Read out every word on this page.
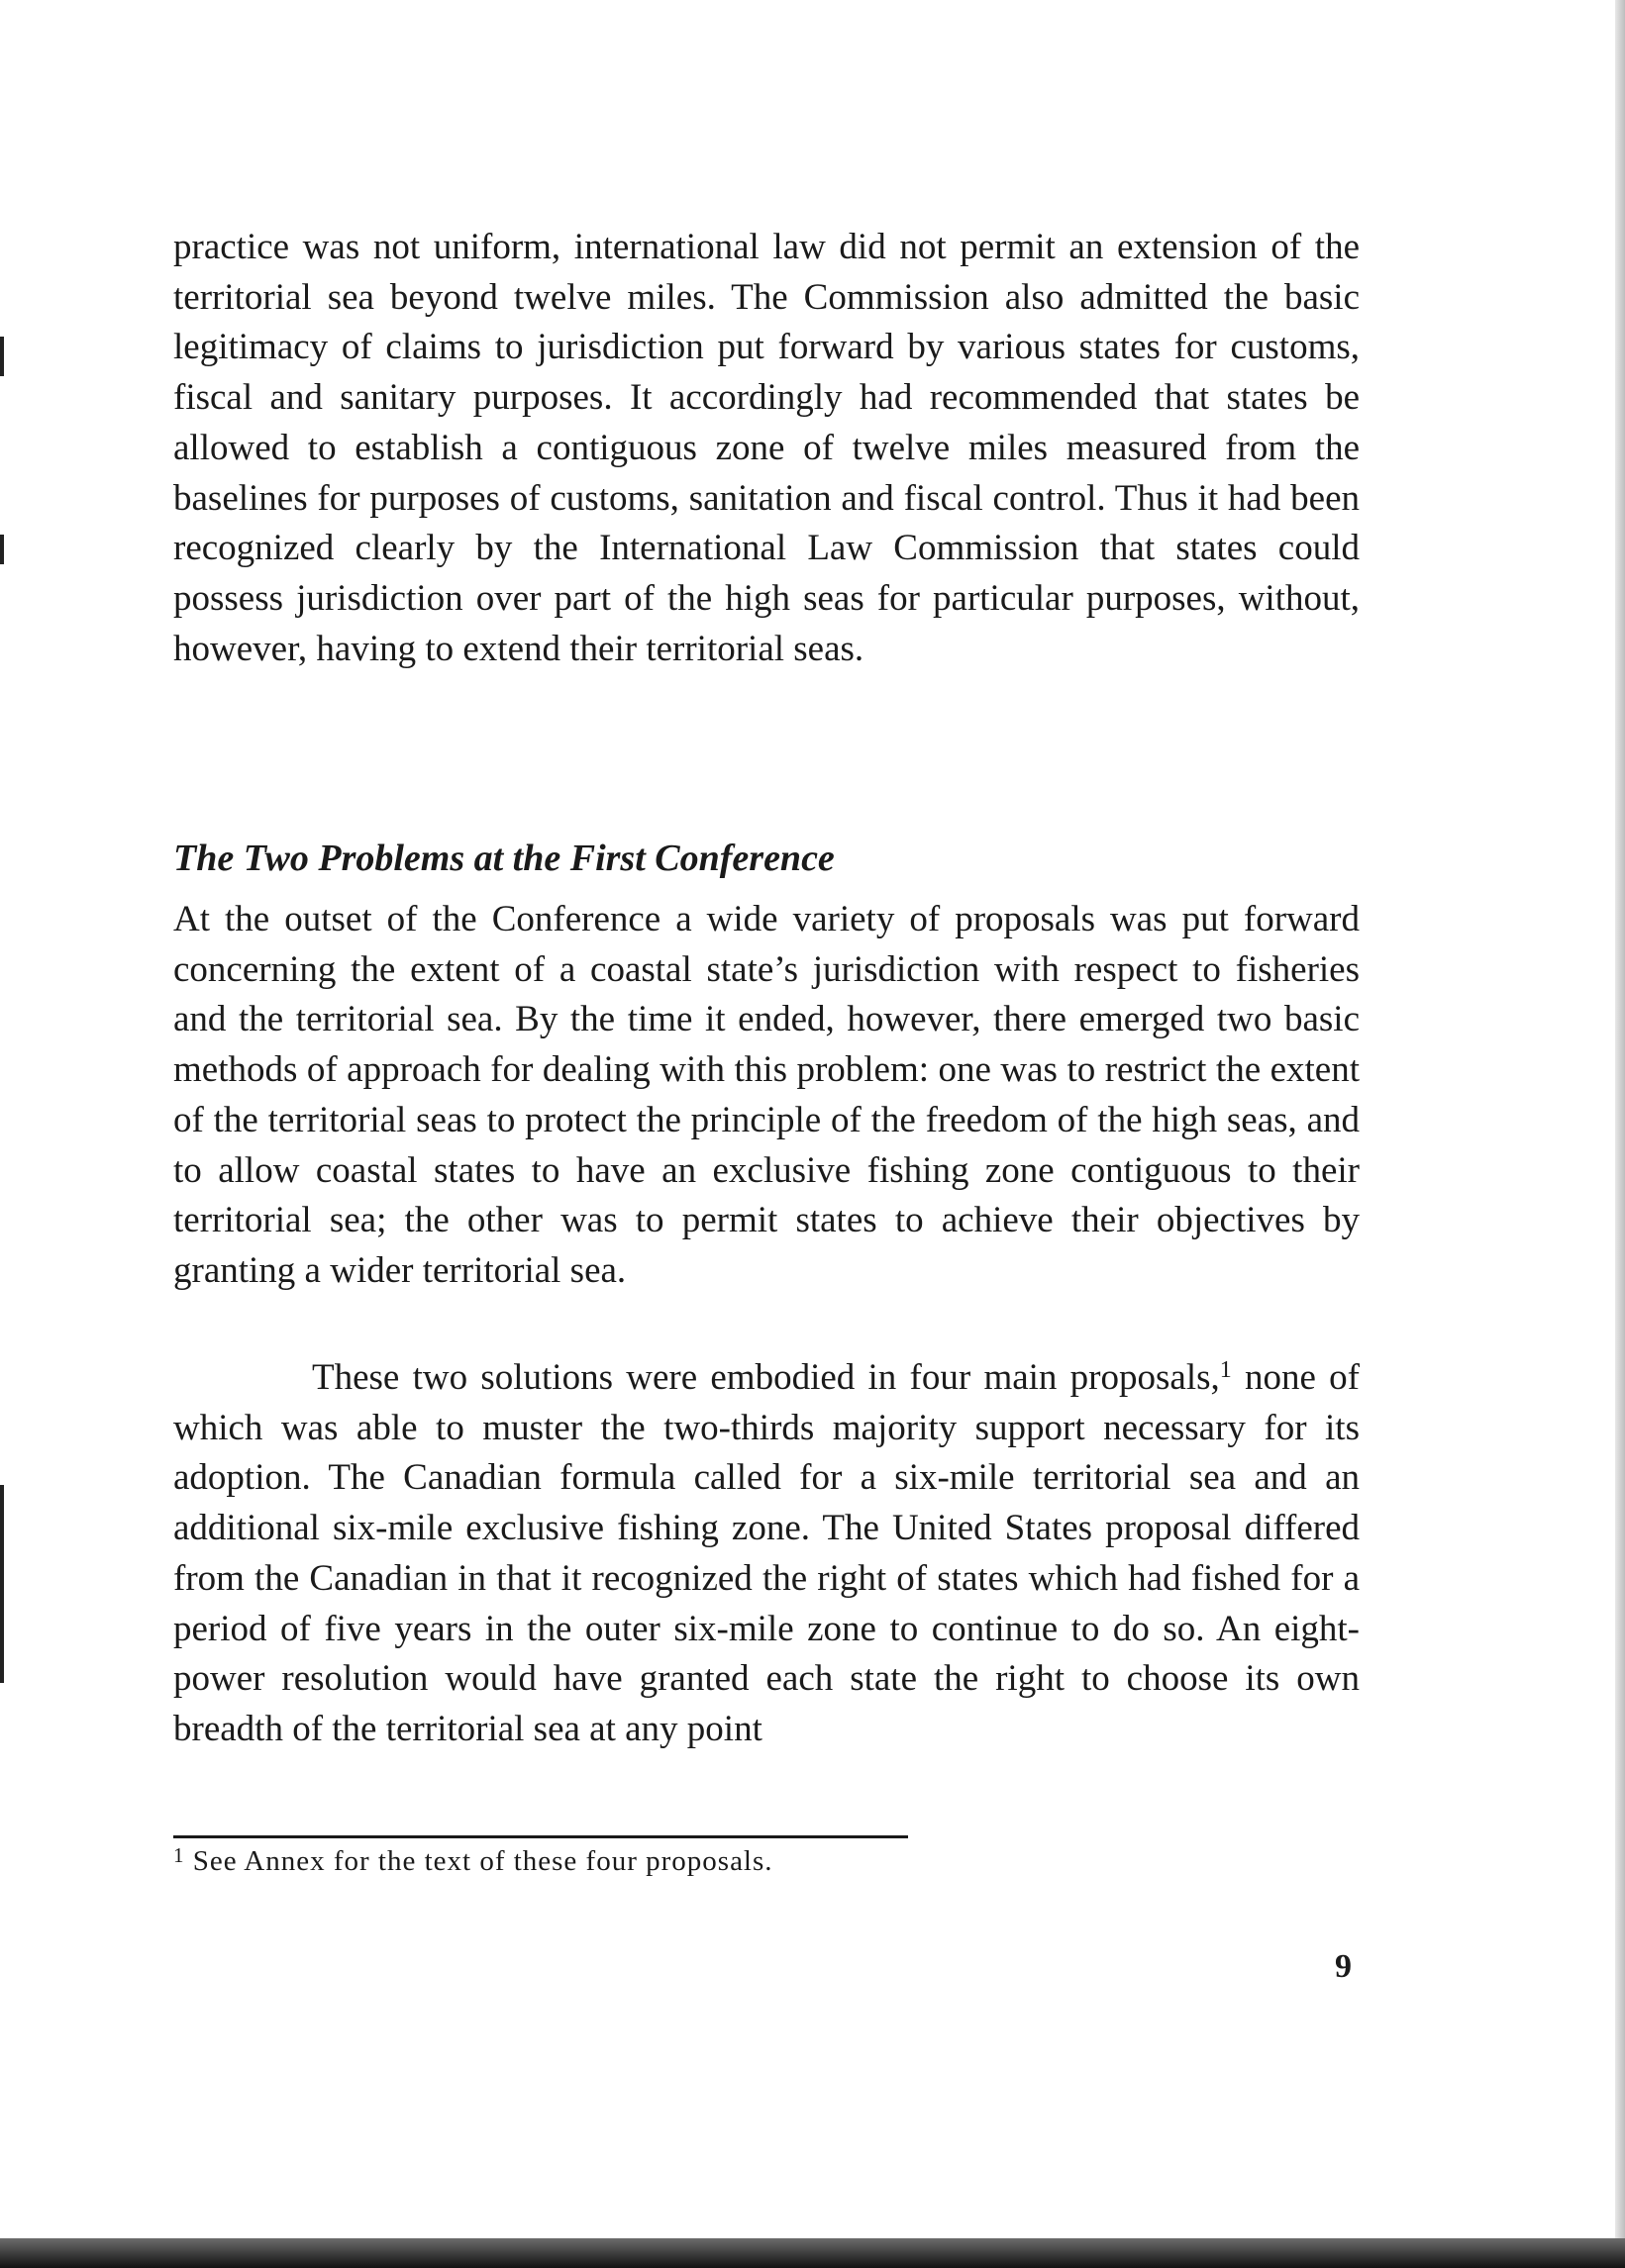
practice was not uniform, international law did not permit an extension of the territorial sea beyond twelve miles. The Commission also admitted the basic legitimacy of claims to jurisdiction put forward by various states for customs, fiscal and sanitary purposes. It accordingly had recommended that states be allowed to establish a contiguous zone of twelve miles measured from the baselines for purposes of customs, sanitation and fiscal control. Thus it had been recognized clearly by the International Law Commission that states could possess jurisdiction over part of the high seas for particular purposes, without, however, having to extend their territorial seas.
The Two Problems at the First Conference
At the outset of the Conference a wide variety of proposals was put forward concerning the extent of a coastal state’s jurisdiction with respect to fisheries and the territorial sea. By the time it ended, however, there emerged two basic methods of approach for dealing with this problem: one was to restrict the extent of the territorial seas to protect the principle of the freedom of the high seas, and to allow coastal states to have an exclusive fishing zone contiguous to their territorial sea; the other was to permit states to achieve their objectives by granting a wider territorial sea.
These two solutions were embodied in four main proposals,$^1$ none of which was able to muster the two-thirds majority support necessary for its adoption. The Canadian formula called for a six-mile territorial sea and an additional six-mile exclusive fishing zone. The United States proposal differed from the Canadian in that it recognized the right of states which had fished for a period of five years in the outer six-mile zone to continue to do so. An eight-power resolution would have granted each state the right to choose its own breadth of the territorial sea at any point

$^1$ See Annex for the text of these four proposals.

9
